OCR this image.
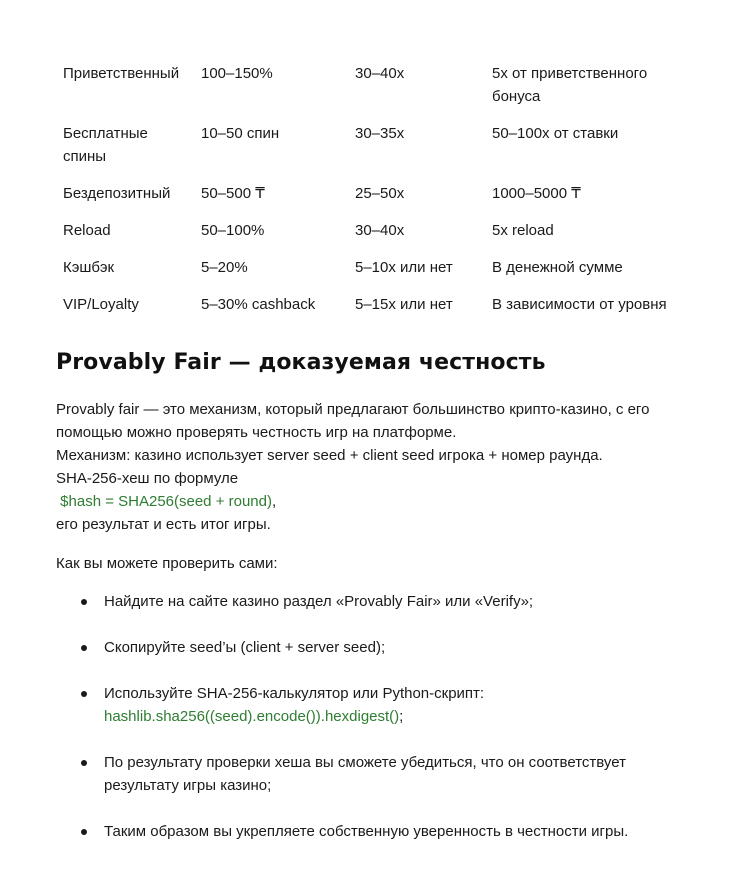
Приветственный	100–150%	30–40x	5x от приветственного бонуса
Бесплатные спины	10–50 спин	30–35x	50–100x от ставки
Бездепозитный	50–500 ₸	25–50x	1000–5000 ₸
Reload	50–100%	30–40x	5x reload
Кэшбэк	5–20%	5–10x или нет	В денежной сумме
VIP/Loyalty	5–30% cashback	5–15x или нет	В зависимости от уровня
Provably Fair — доказуемая честность
Provably fair — это механизм, который предлагают большинство крипто-казино, с его
помощью можно проверять честность игр на платформе.
Механизм: казино использует server seed + client seed игрока + номер раунда.
SHA-256-хеш по формуле
$hash = SHA256(seed + round),
его результат и есть итог игры.
Как вы можете проверить сами:
Найдите на сайте казино раздел «Provably Fair» или «Verify»;
Скопируйте seed’ы (client + server seed);
Используйте SHA-256-калькулятор или Python-скрипт:
hashlib.sha256((seed).encode()).hexdigest();
По результату проверки хеша вы сможете убедиться, что он соответствует
результату игры казино;
Таким образом вы укрепляете собственную уверенность в честности игры.
